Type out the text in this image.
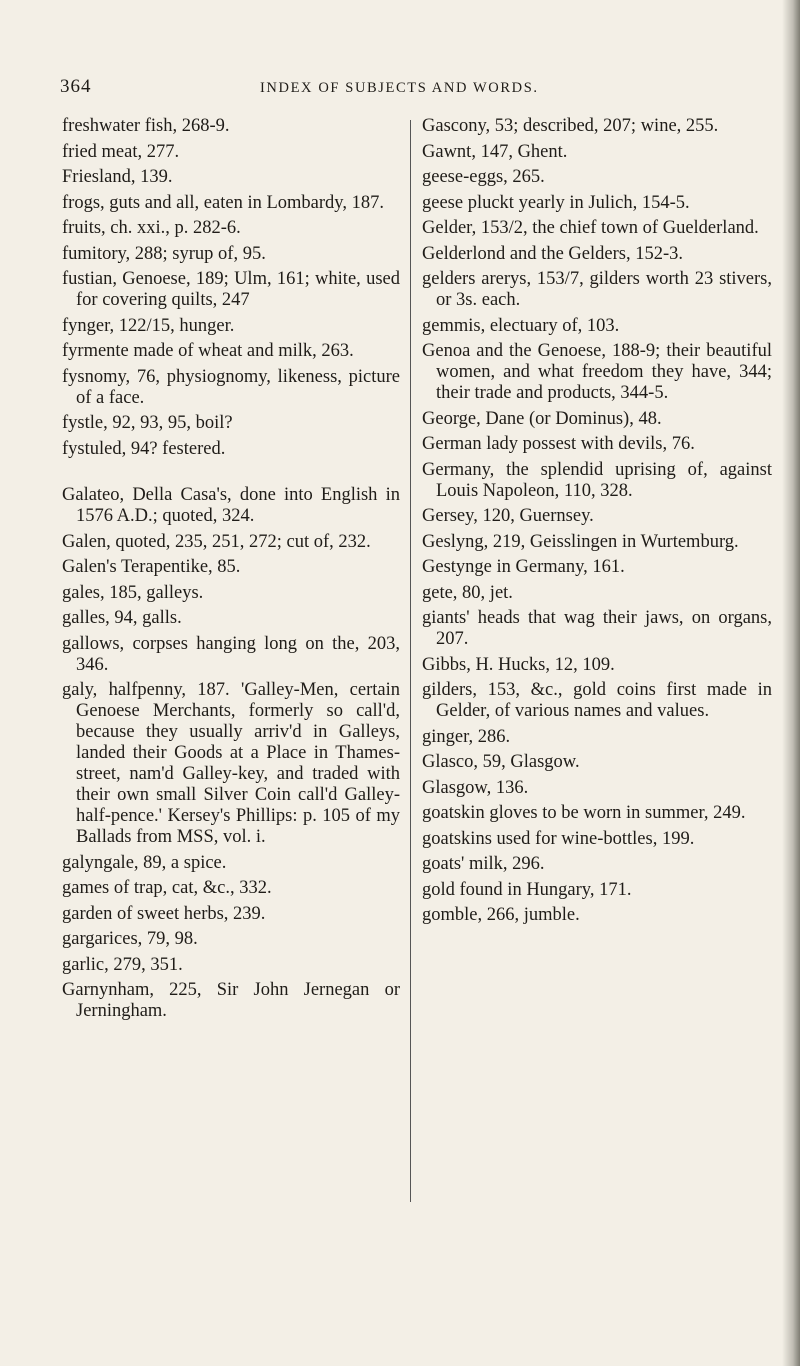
364	INDEX OF SUBJECTS AND WORDS.

freshwater fish, 268-9.

fried meat, 277.

Friesland, 139.

frogs, guts and all, eaten in Lombardy, 187.

fruits, ch. xxi., p. 282-6.

fumitory, 288; syrup of, 95.

fustian, Genoese, 189; Ulm, 161; white, used for covering quilts, 247

fynger, 122/15, hunger.

fyrmente made of wheat and milk, 263.

fysnomy, 76, physiognomy, likeness, picture of a face.

fystle, 92, 93, 95, boil?

fystuled, 94? festered.

Galateo, Della Casa's, done into English in 1576 A.D.; quoted, 324.

Galen, quoted, 235, 251, 272; cut of, 232.

Galen's Terapentike, 85.

gales, 185, galleys.

galles, 94, galls.

gallows, corpses hanging long on the, 203, 346.

galy, halfpenny, 187. 'Galley-Men, certain Genoese Merchants, formerly so call'd, because they usually arriv'd in Galleys, landed their Goods at a Place in Thames-street, nam'd Galley-key, and traded with their own small Silver Coin call'd Galley-half-pence.' Kersey's Phillips: p. 105 of my Ballads from MSS, vol. i.

galyngale, 89, a spice.

games of trap, cat, &c., 332.

garden of sweet herbs, 239.

gargarices, 79, 98.

garlic, 279, 351.

Garnynham, 225, Sir John Jernegan or Jerningham.

Gascony, 53; described, 207; wine, 255.

Gawnt, 147, Ghent.

geese-eggs, 265.

geese pluckt yearly in Julich, 154-5.

Gelder, 153/2, the chief town of Guelderland.

Gelderlond and the Gelders, 152-3.

gelders arerys, 153/7, gilders worth 23 stivers, or 3s. each.

gemmis, electuary of, 103.

Genoa and the Genoese, 188-9; their beautiful women, and what freedom they have, 344; their trade and products, 344-5.

George, Dane (or Dominus), 48.

German lady possest with devils, 76.

Germany, the splendid uprising of, against Louis Napoleon, 110, 328.

Gersey, 120, Guernsey.

Geslyng, 219, Geisslingen in Wurtemburg.

Gestynge in Germany, 161.

gete, 80, jet.

giants' heads that wag their jaws, on organs, 207.

Gibbs, H. Hucks, 12, 109.

gilders, 153, &c., gold coins first made in Gelder, of various names and values.

ginger, 286.

Glasco, 59, Glasgow.

Glasgow, 136.

goatskin gloves to be worn in summer, 249.

goatskins used for wine-bottles, 199.

goats' milk, 296.

gold found in Hungary, 171.

gomble, 266, jumble.
